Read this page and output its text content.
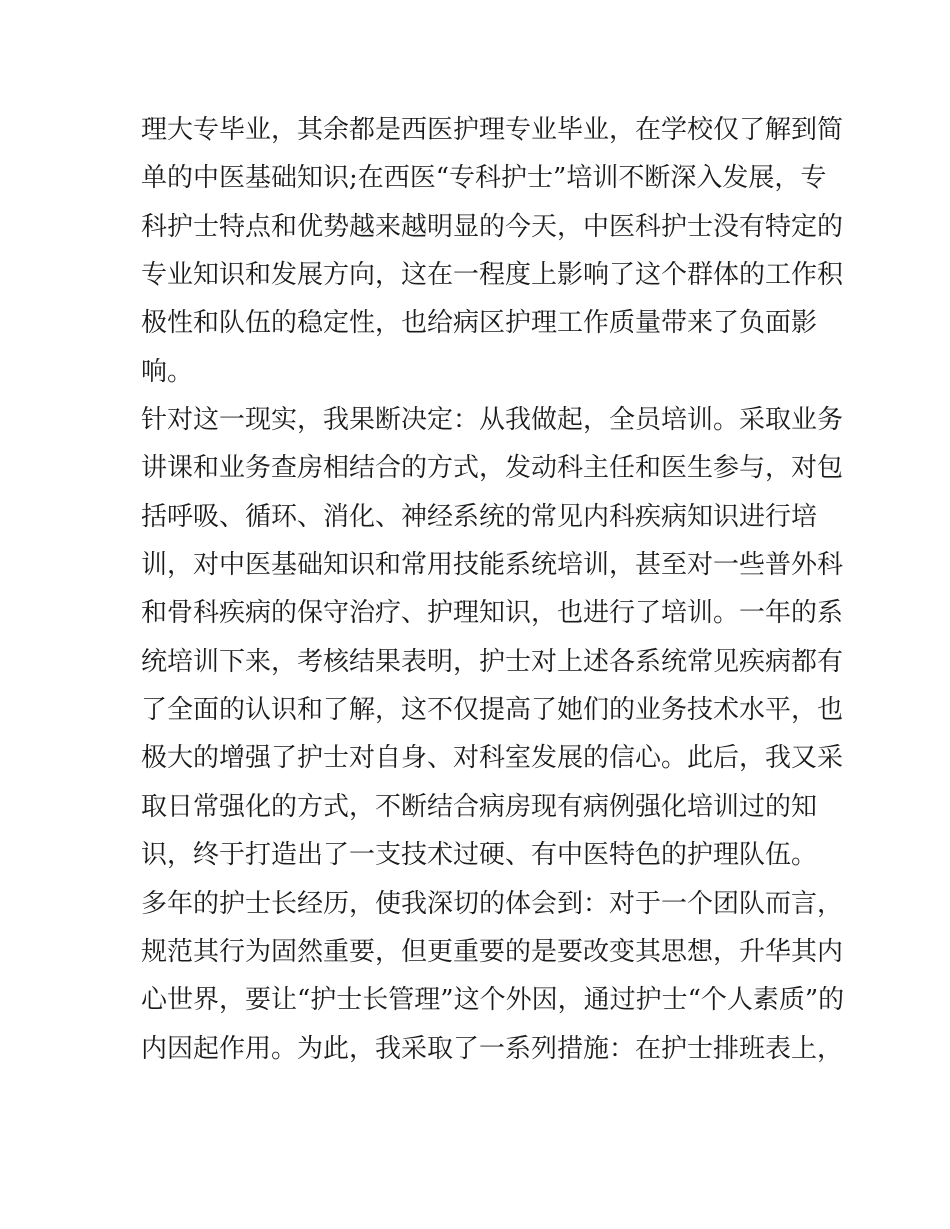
理大专毕业，其余都是西医护理专业毕业，在学校仅了解到简

单的中医基础知识;在西医“专科护士”培训不断深入发展，专

科护士特点和优势越来越明显的今天，中医科护士没有特定的

专业知识和发展方向，这在一程度上影响了这个群体的工作积

极性和队伍的稳定性，也给病区护理工作质量带来了负面影

响。

针对这一现实，我果断决定：从我做起，全员培训。采取业务

讲课和业务查房相结合的方式，发动科主任和医生参与，对包

括呼吸、循环、消化、神经系统的常见内科疾病知识进行培

训，对中医基础知识和常用技能系统培训，甚至对一些普外科

和骨科疾病的保守治疗、护理知识，也进行了培训。一年的系

统培训下来，考核结果表明，护士对上述各系统常见疾病都有

了全面的认识和了解，这不仅提高了她们的业务技术水平，也

极大的增强了护士对自身、对科室发展的信心。此后，我又采

取日常强化的方式，不断结合病房现有病例强化培训过的知

识，终于打造出了一支技术过硬、有中医特色的护理队伍。

多年的护士长经历，使我深切的体会到：对于一个团队而言，

规范其行为固然重要，但更重要的是要改变其思想，升华其内

心世界，要让“护士长管理”这个外因，通过护士“个人素质”的

内因起作用。为此，我采取了一系列措施：在护士排班表上，
